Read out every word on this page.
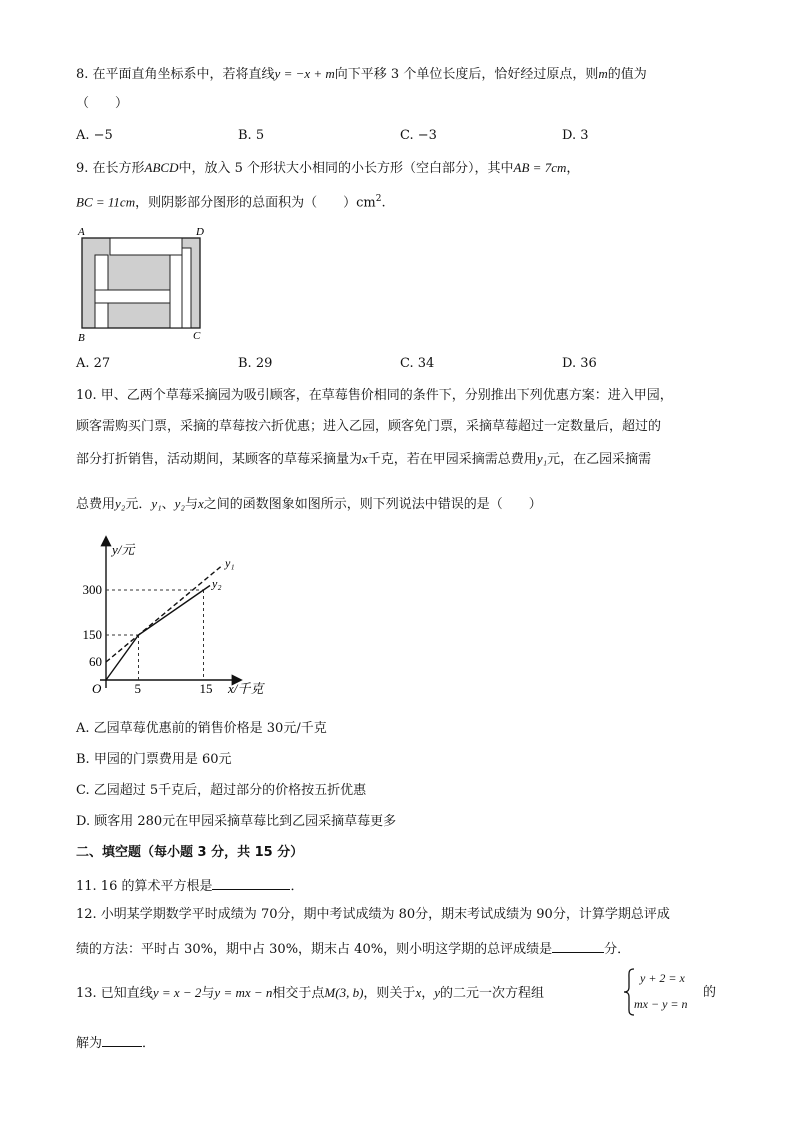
8. 在平面直角坐标系中，若将直线y = −x + m向下平移 3 个单位长度后，恰好经过原点，则m的值为
（　　）
A. −5	B. 5	C. −3	D. 3
9. 在长方形ABCD中，放入 5 个形状大小相同的小长方形（空白部分），其中AB = 7cm，
BC = 11cm，则阴影部分图形的总面积为（　　）$cm^2$.
A	D
B	C
A. 27	B. 29	C. 34	D. 36
10. 甲、乙两个草莓采摘园为吸引顾客，在草莓售价相同的条件下，分别推出下列优惠方案：进入甲园，
顾客需购买门票，采摘的草莓按六折优惠；进入乙园，顾客免门票，采摘草莓超过一定数量后，超过的
部分打折销售，活动期间，某顾客的草莓采摘量为x千克，若在甲园采摘需总费用y₁元，在乙园采摘需
总费用y₂元．y₁、y₂与x之间的函数图象如图所示，则下列说法中错误的是（　　）
y₁
y₂
y/元
x/千克
O	5	15
60
150
300
A. 乙园草莓优惠前的销售价格是 30元/千克
B. 甲园的门票费用是 60元
C. 乙园超过 5千克后，超过部分的价格按五折优惠
D. 顾客用 280元在甲园采摘草莓比到乙园采摘草莓更多
二、填空题（每小题 3 分，共 15 分）
11. 16 的算术平方根是	．
12. 小明某学期数学平时成绩为 70分，期中考试成绩为 80分，期末考试成绩为 90分，计算学期总评成
绩的方法：平时占 30%，期中占 30%，期末占 40%，则小明这学期的总评成绩是	分．
13. 已知直线y = x − 2与y = mx − n相交于点M(3, b)，则关于x，y的二元一次方程组
y + 2 = x
mx − y = n
的
解为	．
